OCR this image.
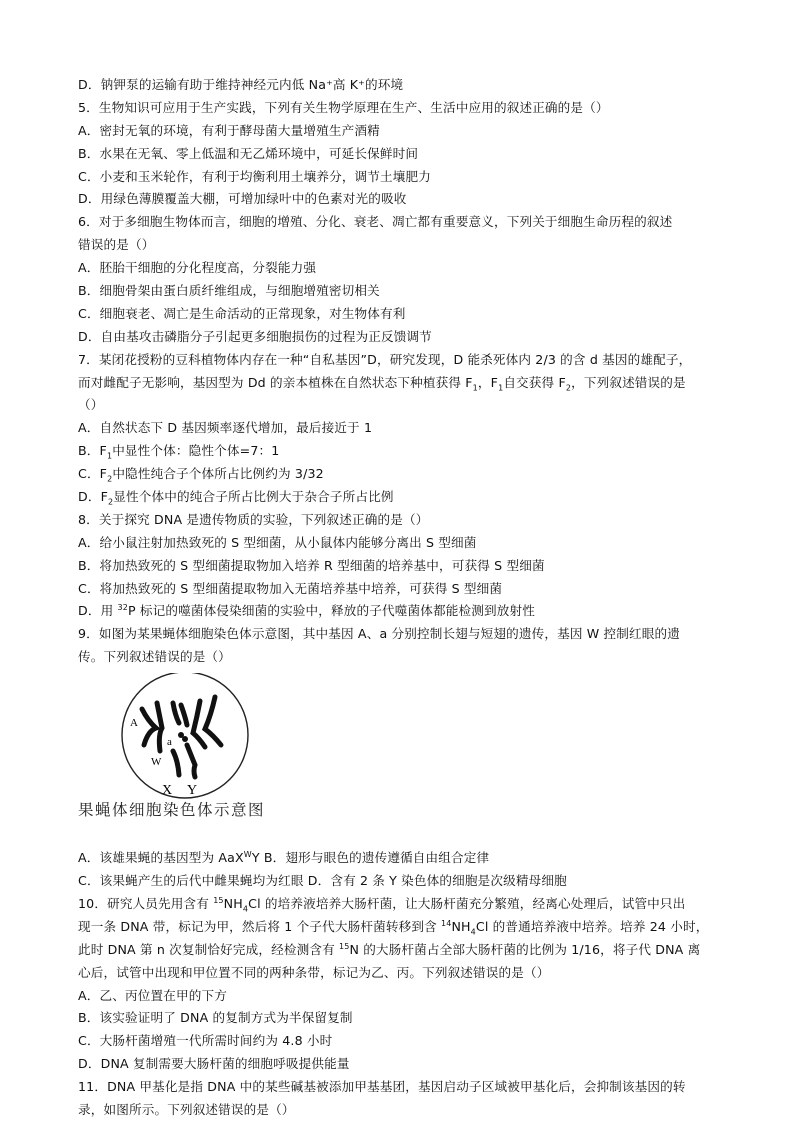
D．钠钾泵的运输有助于维持神经元内低 Na⁺高 K⁺的环境
5．生物知识可应用于生产实践，下列有关生物学原理在生产、生活中应用的叙述正确的是（）
A．密封无氧的环境，有利于酵母菌大量增殖生产酒精
B．水果在无氧、零上低温和无乙烯环境中，可延长保鲜时间
C．小麦和玉米轮作，有利于均衡利用土壤养分，调节土壤肥力
D．用绿色薄膜覆盖大棚，可增加绿叶中的色素对光的吸收
6．对于多细胞生物体而言，细胞的增殖、分化、衰老、凋亡都有重要意义，下列关于细胞生命历程的叙述
错误的是（）
A．胚胎干细胞的分化程度高，分裂能力强
B．细胞骨架由蛋白质纤维组成，与细胞增殖密切相关
C．细胞衰老、凋亡是生命活动的正常现象，对生物体有利
D．自由基攻击磷脂分子引起更多细胞损伤的过程为正反馈调节
7．某闭花授粉的豆科植物体内存在一种“自私基因”D，研究发现，D 能杀死体内 2/3 的含 d 基因的雄配子，
而对雌配子无影响，基因型为 Dd 的亲本植株在自然状态下种植获得 $F_1$，$F_1$自交获得 $F_2$，下列叙述错误的是
（）
A．自然状态下 D 基因频率逐代增加，最后接近于 1
B．$F_1$中显性个体：隐性个体=7：1
C．$F_2$中隐性纯合子个体所占比例约为 3/32
D．$F_2$显性个体中的纯合子所占比例大于杂合子所占比例
8．关于探究 DNA 是遗传物质的实验，下列叙述正确的是（）
A．给小鼠注射加热致死的 S 型细菌，从小鼠体内能够分离出 S 型细菌
B．将加热致死的 S 型细菌提取物加入培养 R 型细菌的培养基中，可获得 S 型细菌
C．将加热致死的 S 型细菌提取物加入无菌培养基中培养，可获得 S 型细菌
D．用 $^{32}$P 标记的噬菌体侵染细菌的实验中，释放的子代噬菌体都能检测到放射性
9．如图为某果蝇体细胞染色体示意图，其中基因 A、a 分别控制长翅与短翅的遗传，基因 W 控制红眼的遗
传。下列叙述错误的是（）
A
a
W
X Y
果蝇体细胞染色体示意图
A．该雄果蝇的基因型为 AaX$^W$Y B．翅形与眼色的遗传遵循自由组合定律
C．该果蝇产生的后代中雌果蝇均为红眼 D．含有 2 条 Y 染色体的细胞是次级精母细胞
10．研究人员先用含有 $^{15}NH_4Cl$ 的培养液培养大肠杆菌，让大肠杆菌充分繁殖，经离心处理后，试管中只出
现一条 DNA 带，标记为甲，然后将 1 个子代大肠杆菌转移到含 $^{14}NH_4Cl$ 的普通培养液中培养。培养 24 小时，
此时 DNA 第 n 次复制恰好完成，经检测含有 $^{15}$N 的大肠杆菌占全部大肠杆菌的比例为 1/16，将子代 DNA 离
心后，试管中出现和甲位置不同的两种条带，标记为乙、丙。下列叙述错误的是（）
A．乙、丙位置在甲的下方
B．该实验证明了 DNA 的复制方式为半保留复制
C．大肠杆菌增殖一代所需时间约为 4.8 小时
D．DNA 复制需要大肠杆菌的细胞呼吸提供能量
11．DNA 甲基化是指 DNA 中的某些碱基被添加甲基基团，基因启动子区域被甲基化后，会抑制该基因的转
录，如图所示。下列叙述错误的是（）
